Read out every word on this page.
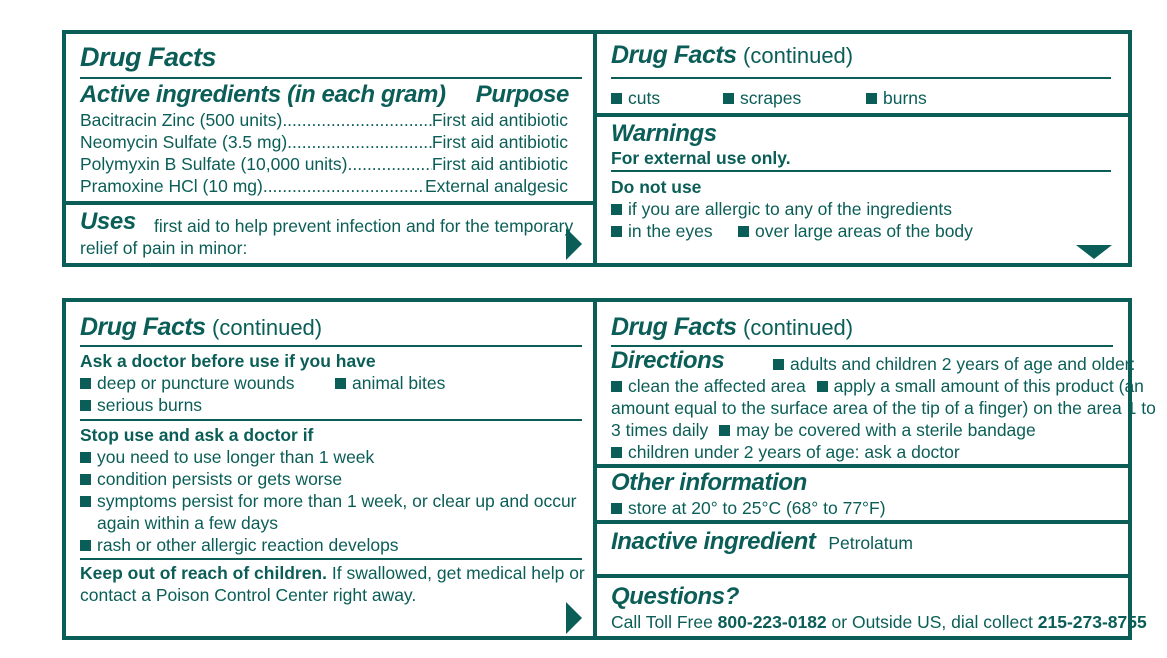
Drug Facts
Active ingredients (in each gram) Purpose
Bacitracin Zinc (500 units) .....	First aid antibiotic
Neomycin Sulfate (3.5 mg) .....	First aid antibiotic
Polymyxin B Sulfate (10,000 units) .....	First aid antibiotic
Pramoxine HCl (10 mg) .....	External analgesic
Uses first aid to help prevent infection and for the temporary
relief of pain in minor:
Drug Facts (continued)
cuts	scrapes	burns
Warnings
For external use only.
Do not use
if you are allergic to any of the ingredients
in the eyes	over large areas of the body
Drug Facts (continued)
Ask a doctor before use if you have
deep or puncture wounds	animal bites
serious burns
Stop use and ask a doctor if
you need to use longer than 1 week
condition persists or gets worse
symptoms persist for more than 1 week, or clear up and occur
again within a few days
rash or other allergic reaction develops
Keep out of reach of children. If swallowed, get medical help or
contact a Poison Control Center right away.
Drug Facts (continued)
Directions	adults and children 2 years of age and older:
clean the affected area apply a small amount of this product (an
amount equal to the surface area of the tip of a finger) on the area 1 to
3 times daily may be covered with a sterile bandage
children under 2 years of age: ask a doctor
Other information
store at 20° to 25°C (68° to 77°F)
Inactive ingredient Petrolatum
Questions?
Call Toll Free 800-223-0182 or Outside US, dial collect 215-273-8755
